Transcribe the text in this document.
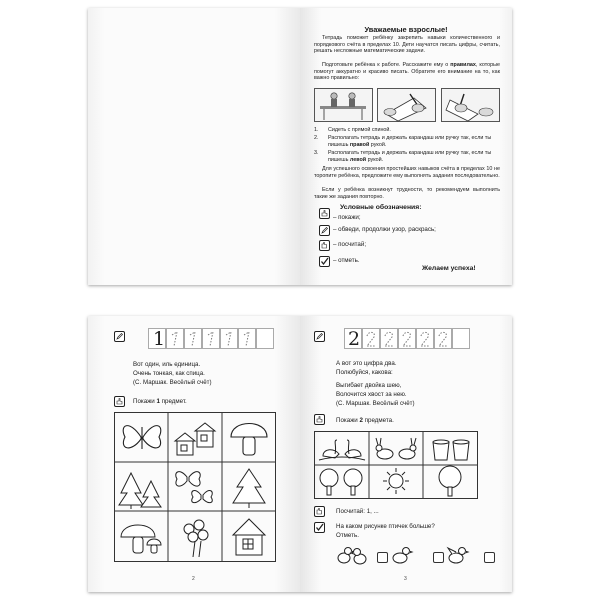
Уважаемые взрослые!
Тетрадь поможет ребёнку закрепить навыки количественного и порядкового счёта в пределах 10. Дети научатся писать цифры, считать, решать несложные математические задачи.
Подготовьте ребёнка к работе. Расскажите ему о правилах, которые помогут аккуратно и красиво писать. Обратите его внимание на то, как важно правильно:
1.	Сидеть с прямой спиной.
2.	Располагать тетрадь и держать карандаш или ручку так, если ты пишешь правой рукой.
3.	Располагать тетрадь и держать карандаш или ручку так, если ты пишешь левой рукой.
Для успешного освоения простейших навыков счёта в пределах 10 не торопите ребёнка, предложите ему выполнять задания последовательно.
Если у ребёнка возникнут трудности, то рекомендуем выполнить такие же задания повторно.
Условные обозначения:
– покажи;
– обведи, продолжи узор, раскрась;
– посчитай;
– отметь.
Желаем успеха!
1
Вот один, иль единица.
Очень тонкая, как спица.
(С. Маршак. Весёлый счёт)
Покажи 1 предмет.
2
2
А вот это цифра два.
Полюбуйся, какова:
Выгибает двойка шею,
Волочится хвост за нею.
(С. Маршак. Весёлый счёт)
Покажи 2 предмета.
Посчитай: 1, ...
На каком рисунке птичек больше?
Отметь.
3
